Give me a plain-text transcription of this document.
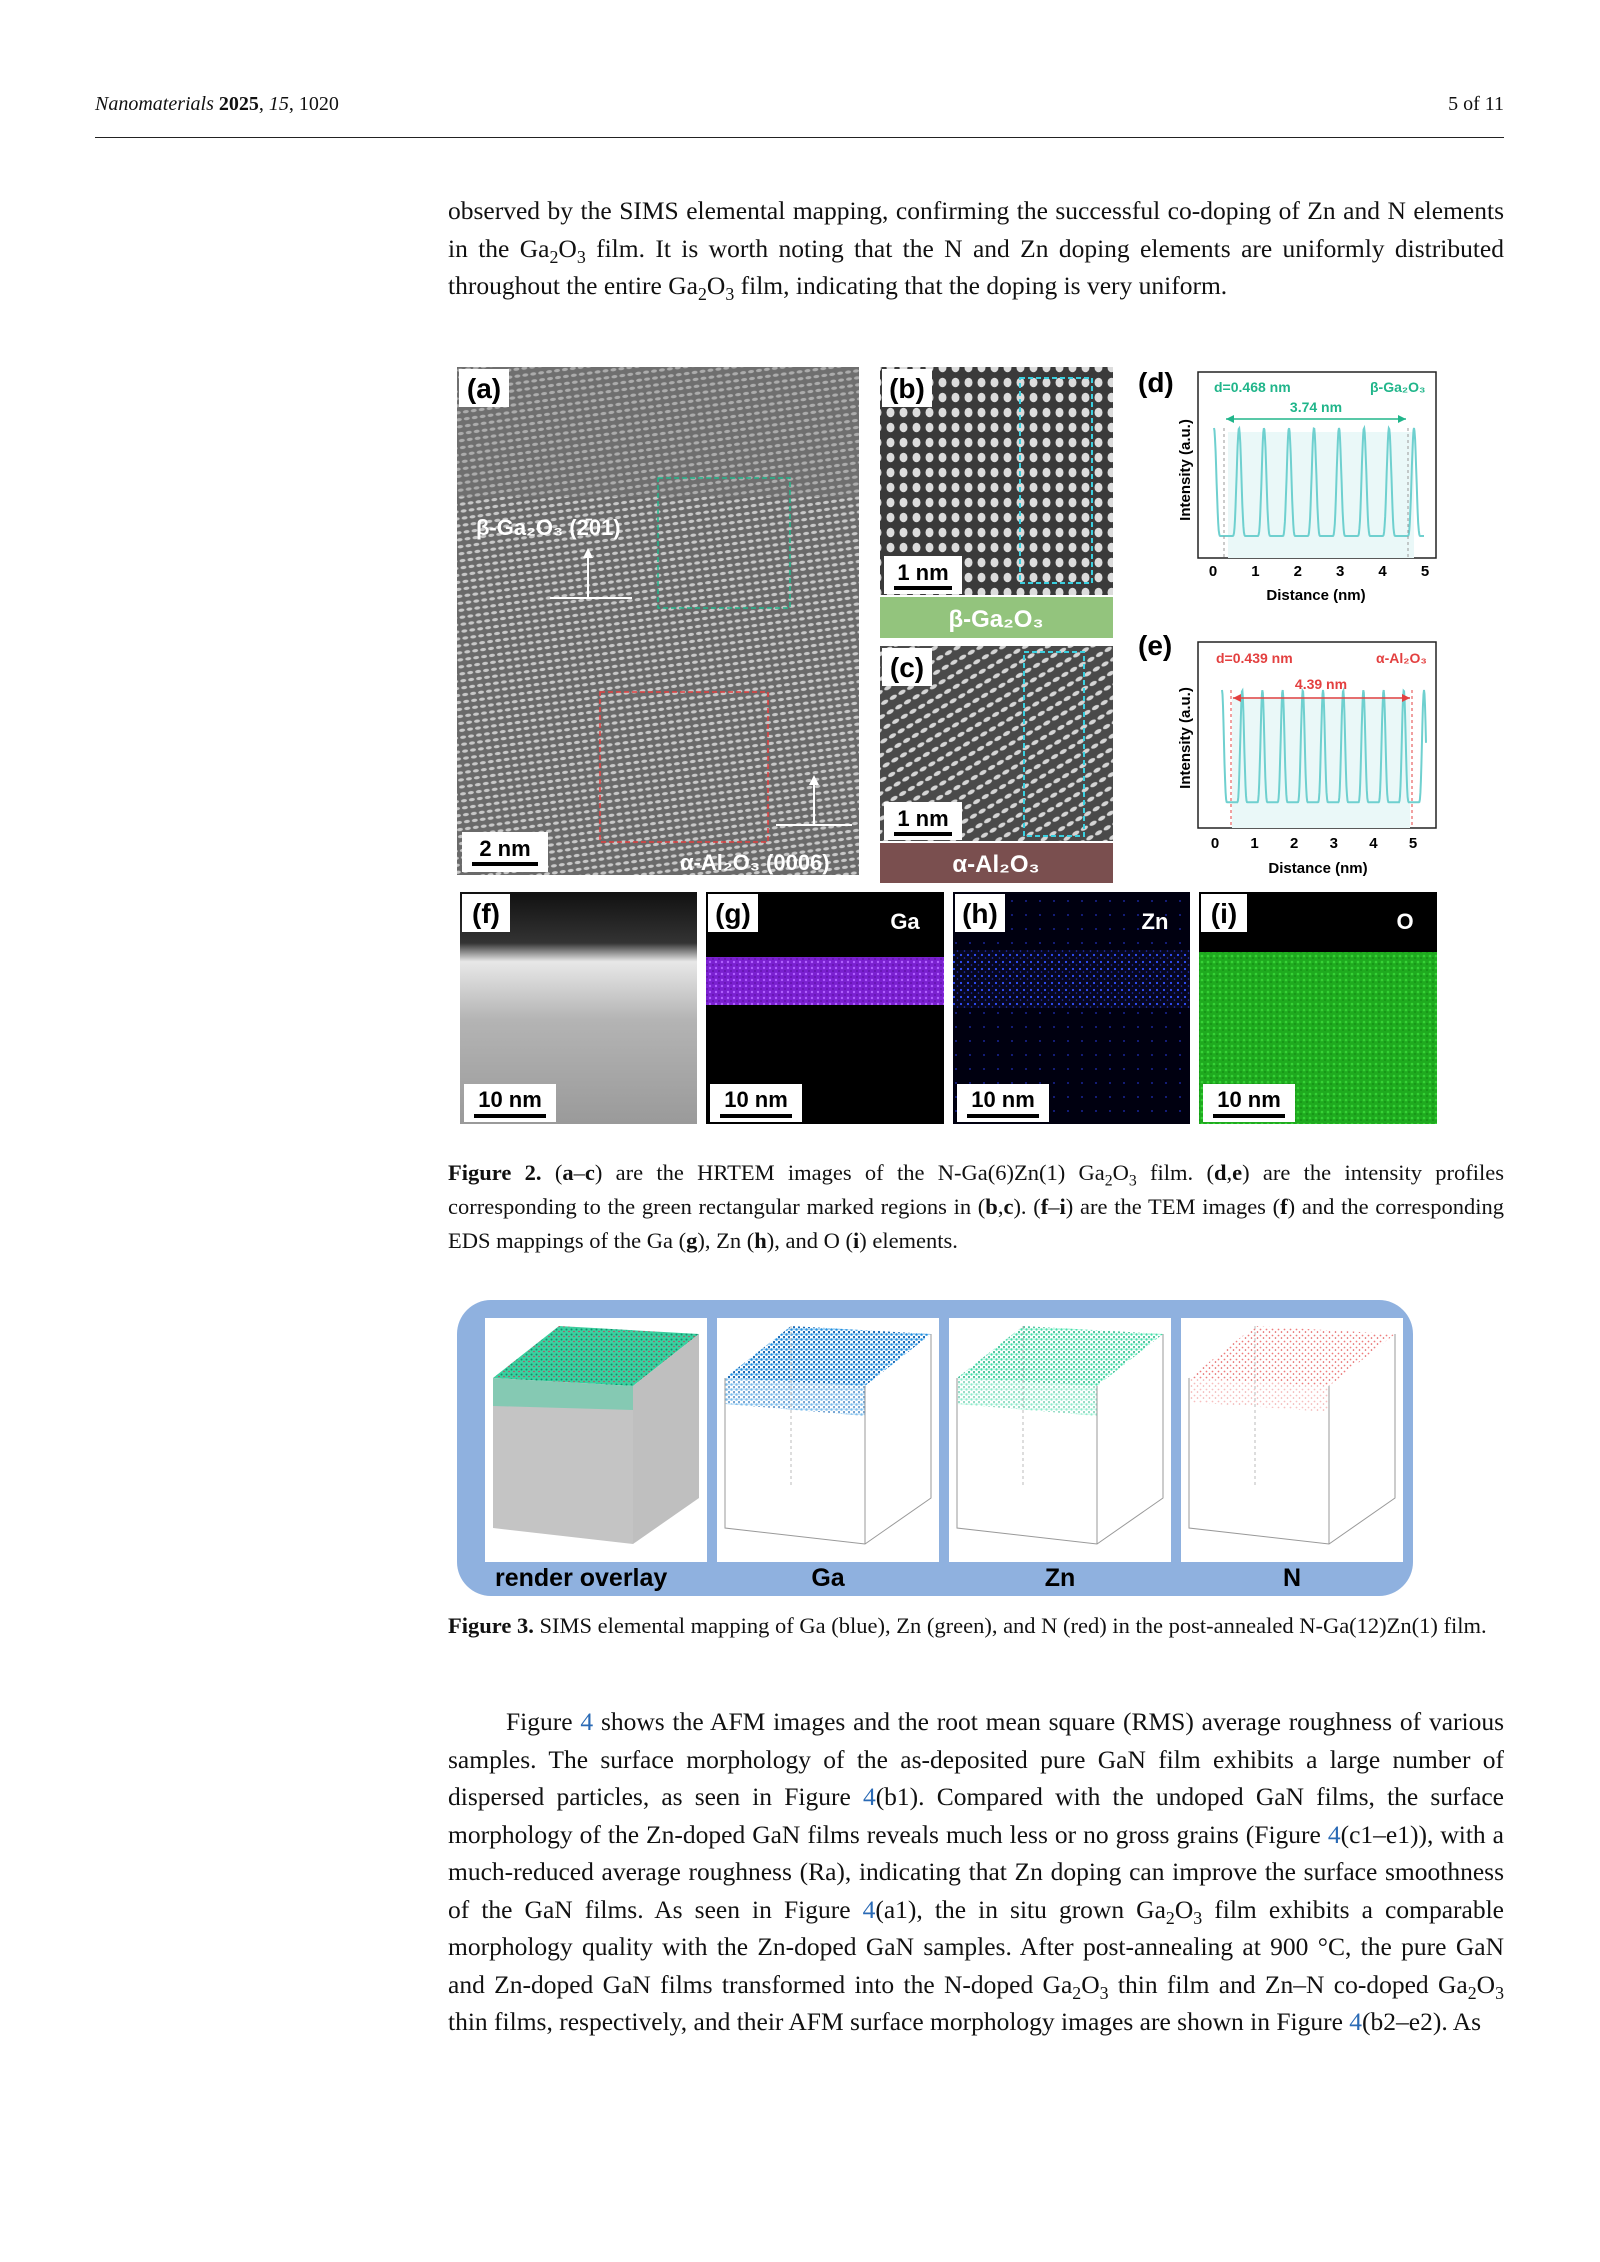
Nanomaterials 2025, 15, 1020	5 of 11

observed by the SIMS elemental mapping, confirming the successful co-doping of Zn and N elements in the $Ga_2O_3$ film. It is worth noting that the N and Zn doping elements are uniformly distributed throughout the entire $Ga_2O_3$ film, indicating that the doping is very uniform.

(a)
β-Ga₂O₃ (2̄01)
α-Al₂O₃ (0006)
2 nm
(b)
1 nm
β-Ga₂O₃
(c)
1 nm
α-Al₂O₃
(d)	d=0.468 nm	β-Ga₂O₃
3.74 nm
Intensity (a.u.)
0 1 2 3 4 5
Distance (nm)
(e)	d=0.439 nm	α-Al₂O₃
4.39 nm
Intensity (a.u.)
0 1 2 3 4 5
Distance (nm)
(f)
10 nm
(g)	Ga
10 nm
(h)	Zn
10 nm
(i)	O
10 nm
Figure 2. (a–c) are the HRTEM images of the N-Ga(6)Zn(1) $Ga_2O_3$ film. (d,e) are the intensity profiles corresponding to the green rectangular marked regions in (b,c). (f–i) are the TEM images (f) and the corresponding EDS mappings of the Ga (g), Zn (h), and O (i) elements.
render overlay	Ga	Zn	N
Figure 3. SIMS elemental mapping of Ga (blue), Zn (green), and N (red) in the post-annealed N-Ga(12)Zn(1) film.

Figure 4 shows the AFM images and the root mean square (RMS) average roughness of various samples. The surface morphology of the as-deposited pure GaN film exhibits a large number of dispersed particles, as seen in Figure 4(b1). Compared with the undoped GaN films, the surface morphology of the Zn-doped GaN films reveals much less or no gross grains (Figure 4(c1–e1)), with a much-reduced average roughness (Ra), indicating that Zn doping can improve the surface smoothness of the GaN films. As seen in Figure 4(a1), the in situ grown $Ga_2O_3$ film exhibits a comparable morphology quality with the Zn-doped GaN samples. After post-annealing at 900 °C, the pure GaN and Zn-doped GaN films transformed into the N-doped $Ga_2O_3$ thin film and Zn–N co-doped $Ga_2O_3$ thin films, respectively, and their AFM surface morphology images are shown in Figure 4(b2–e2). As
